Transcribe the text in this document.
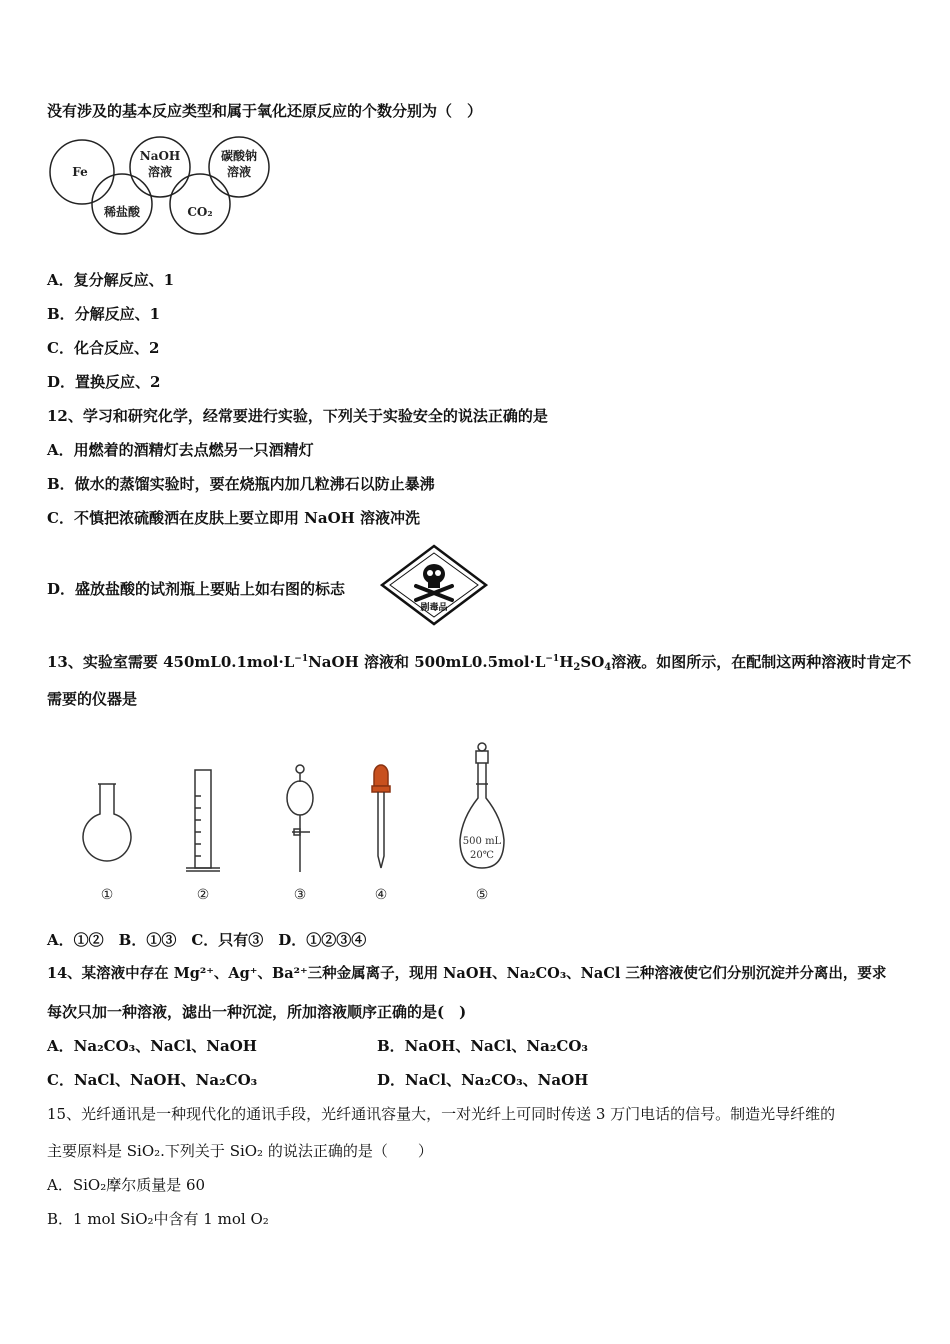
没有涉及的基本反应类型和属于氧化还原反应的个数分别为（　）
Fe
NaOH
溶液
碳酸钠
溶液
稀盐酸	CO₂
A．复分解反应、1
B．分解反应、1
C．化合反应、2
D．置换反应、2
12、学习和研究化学，经常要进行实验，下列关于实验安全的说法正确的是
A．用燃着的酒精灯去点燃另一只酒精灯
B．做水的蒸馏实验时，要在烧瓶内加几粒沸石以防止暴沸
C．不慎把浓硫酸洒在皮肤上要立即用 NaOH 溶液冲洗
D．盛放盐酸的试剂瓶上要贴上如右图的标志
剧毒品
13、实验室需要 $450mL0.1mol\cdot L^{-1}NaOH$ 溶液和 $500mL0.5mol\cdot L^{-1}H_2SO_4$溶液。如图所示，在配制这两种溶液时肯定不
需要的仪器是
500 mL
20℃
①	②	③	④	⑤
A．①②　B．①③　C．只有③　D．①②③④
14、某溶液中存在 Mg²⁺、Ag⁺、Ba²⁺三种金属离子，现用 NaOH、Na₂CO₃、NaCl 三种溶液使它们分别沉淀并分离出，要求
每次只加一种溶液，滤出一种沉淀，所加溶液顺序正确的是(　)
A．Na₂CO₃、NaCl、NaOH	B．NaOH、NaCl、Na₂CO₃
C．NaCl、NaOH、Na₂CO₃	D．NaCl、Na₂CO₃、NaOH
15、光纤通讯是一种现代化的通讯手段，光纤通讯容量大，一对光纤上可同时传送 3 万门电话的信号。制造光导纤维的
主要原料是 SiO₂.下列关于 SiO₂ 的说法正确的是（　　）
A．SiO₂摩尔质量是 60
B．1 mol SiO₂中含有 1 mol O₂
